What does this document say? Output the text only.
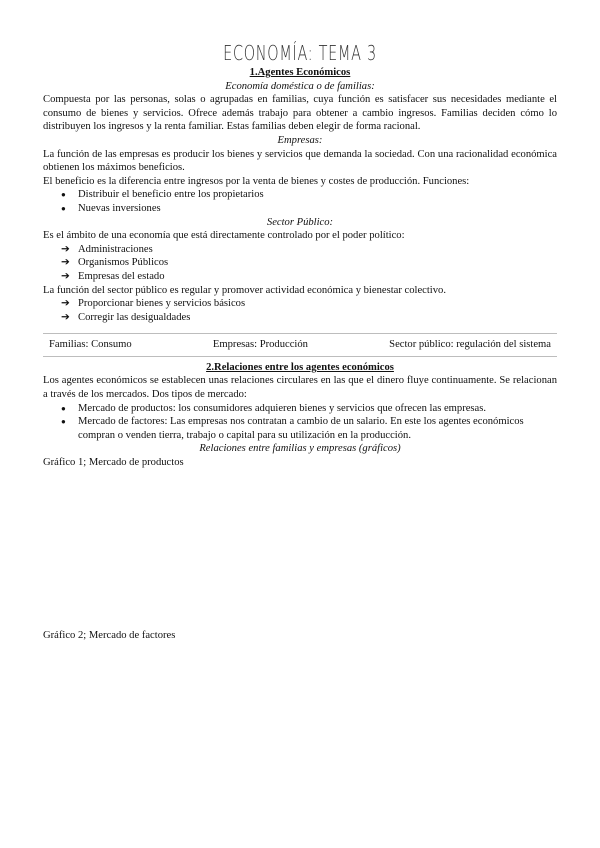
ECONOMÍA: TEMA 3

1.Agentes Económicos

Economía doméstica o de familias:

Compuesta por las personas, solas o agrupadas en familias, cuya función es satisfacer sus necesidades mediante el consumo de bienes y servicios. Ofrece además trabajo para obtener a cambio ingresos. Familias deciden cómo lo distribuyen los ingresos y la renta familiar. Estas familias deben elegir de forma racional.

Empresas:

La función de las empresas es producir los bienes y servicios que demanda la sociedad. Con una racionalidad económica obtienen los máximos beneficios.

El beneficio es la diferencia entre ingresos por la venta de bienes y costes de producción. Funciones:

● Distribuir el beneficio entre los propietarios
● Nuevas inversiones

Sector Público:

Es el ámbito de una economía que está directamente controlado por el poder político:

➔ Administraciones
➔ Organismos Públicos
➔ Empresas del estado

La función del sector público es regular y promover actividad económica y bienestar colectivo.

➔ Proporcionar bienes y servicios básicos
➔ Corregir las desigualdades
Familias: Consumo	Empresas: Producción	Sector público: regulación del sistema

2.Relaciones entre los agentes económicos

Los agentes económicos se establecen unas relaciones circulares en las que el dinero fluye continuamente. Se relacionan a través de los mercados. Dos tipos de mercado:

● Mercado de productos: los consumidores adquieren bienes y servicios que ofrecen las empresas.
● Mercado de factores: Las empresas nos contratan a cambio de un salario. En este los agentes económicos compran o venden tierra, trabajo o capital para su utilización en la producción.

Relaciones entre familias y empresas (gráficos)

Gráfico 1; Mercado de productos

Gráfico 2; Mercado de factores
